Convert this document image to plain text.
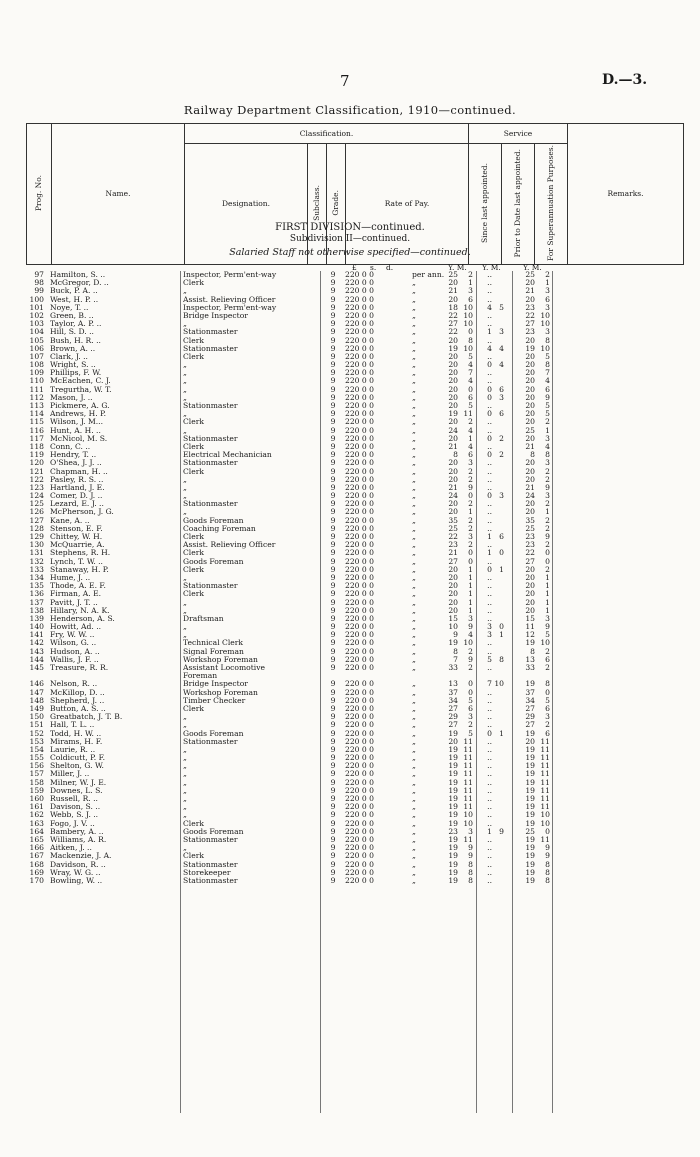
7	D.—3.
Railway Department Classification, 1910—continued.
Prog. No.	Name.	Classification.				Service			Remarks.
		Designation.	Subclass.	Grade.	Rate of Pay.	Since last appointed.	Prior to Date last appointed.	For Superannuation Purposes.	
FIRST DIVISION—continued.
Subdivision II—continued.
Salaried Staff not otherwise specified—continued.
£ s. d.	Y. M. Y. M.	Y. M.
97 Hamilton, S. ..	Inspector, Perm'ent-way	9 220 0 0	per ann. 25	2	..	25	2
98 McGregor, D. ..	Clerk	9 220 0 0	„	20	1	..	20	1
99 Buck, P. A. ..	„	9 220 0 0	„	21	3	..	21	3
100 West, H. P. ..	Assist. Relieving Officer	9 220 0 0	„	20	6	..	20	6
101 Noye, T. ..	Inspector, Perm'ent-way	9 220 0 0	„	18 10	4 5	23	3
102 Green, B. ..	Bridge Inspector	9 220 0 0	„	22 10	..	22 10
103 Taylor, A. P. ..	„	9 220 0 0	„	27 10	..	27 10
104 Hill, S. D. ..	Stationmaster	9 220 0 0	„	22	0	1 3	23	3
105 Bush, H. R. ..	Clerk	9 220 0 0	„	20	8	..	20	8
106 Brown, A. ..	Stationmaster	9 220 0 0	„	19 10	4 4	19 10
107 Clark, J. ..	Clerk	9 220 0 0	„	20	5	..	20	5
108 Wright, S. ..	„	9 220 0 0	„	20	4	0 4	20	8
109 Phillips, F. W.	„	9 220 0 0	„	20	7	..	20	7
110 McEachen, C. J.	„	9 220 0 0	„	20	4	..	20	4
111 Tregurtha, W. T.	„	9 220 0 0	„	20	0	0 6	20	6
112 Mason, J. ..	„	9 220 0 0	„	20	6	0 3	20	9
113 Pickmere, A. G.	Stationmaster	9 220 0 0	„	20	5	..	20	5
114 Andrews, H. P.	„	9 220 0 0	„	19 11	0 6	20	5
115 Wilson, J. M...	Clerk	9 220 0 0	„	20	2	..	20	2
116 Hunt, A. H. ..	„	9 220 0 0	„	24	4	..	25	1
117 McNicol, M. S.	Stationmaster	9 220 0 0	„	20	1	0 2	20	3
118 Conn, C. ..	Clerk	9 220 0 0	„	21	4	..	21	4
119 Hendry, T. ..	Electrical Mechanician	9 220 0 0	„	8	6	0 2	8	8
120 O'Shea, J. J. ..	Stationmaster	9 220 0 0	„	20	3	..	20	3
121 Chapman, H. ..	Clerk	9 220 0 0	„	20	2	..	20	2
122 Pasley, R. S. ..	„	9 220 0 0	„	20	2	..	20	2
123 Hartland, J. E.	„	9 220 0 0	„	21	9	..	21	9
124 Comer, D. J. ..	„	9 220 0 0	„	24	0	0 3	24	3
125 Lezard, E. J. ..	Stationmaster	9 220 0 0	„	20	2	..	20	2
126 McPherson, J. G.	„	9 220 0 0	„	20	1	..	20	1
127 Kane, A. ..	Goods Foreman	9 220 0 0	„	35	2	..	35	2
128 Stenson, E. F.	Coaching Foreman	9 220 0 0	„	25	2	..	25	2
129 Chittey, W. H.	Clerk	9 220 0 0	„	22	3	1 6	23	9
130 McQuarrie, A.	Assist. Relieving Officer	9 220 0 0	„	23	2	..	23	2
131 Stephens, R. H.	Clerk	9 220 0 0	„	21	0	1 0	22	0
132 Lynch, T. W. ..	Goods Foreman	9 220 0 0	„	27	0	..	27	0
133 Stanaway, H. P.	Clerk	9 220 0 0	„	20	1	0 1	20	2
134 Hume, J. ..	„	9 220 0 0	„	20	1	..	20	1
135 Thode, A. E. F.	Stationmaster	9 220 0 0	„	20	1	..	20	1
136 Firman, A. E.	Clerk	9 220 0 0	„	20	1	..	20	1
137 Pavitt, J. T. ..	„	9 220 0 0	„	20	1	..	20	1
138 Hillary, N. A. K.	„	9 220 0 0	„	20	1	..	20	1
139 Henderson, A. S.	Draftsman	9 220 0 0	„	15	3	..	15	3
140 Howitt, Ad. ..	„	9 220 0 0	„	10	9	3 0	11	9
141 Fry, W. W. ..	„	9 220 0 0	„	9	4	3 1	12	5
142 Wilson, G. ..	Technical Clerk	9 220 0 0	„	19 10	..	19 10
143 Hudson, A. ..	Signal Foreman	9 220 0 0	„	8	2	..	8	2
144 Wallis, J. F. ..	Workshop Foreman	9 220 0 0	„	7	9	5 8	13	6
145 Treasure, R. R.	Assistant Locomotive	9 220 0 0	„	33	2	..	33	2
Foreman
146 Nelson, R. ..	Bridge Inspector	9 220 0 0	„	13	0	7 10	19	8
147 McKillop, D. ..	Workshop Foreman	9 220 0 0	„	37	0	..	37	0
148 Shepherd, J. ..	Timber Checker	9 220 0 0	„	34	5	..	34	5
149 Button, A. S. ..	Clerk	9 220 0 0	„	27	6	..	27	6
150 Greatbatch, J. T. B.	„	9 220 0 0	„	29	3	..	29	3
151 Hall, T. L. ..	„	9 220 0 0	„	27	2	..	27	2
152 Todd, H. W. ..	Goods Foreman	9 220 0 0	„	19	5	0 1	19	6
153 Mirams, H. F.	Stationmaster	9 220 0 0	„	20 11	..	20 11
154 Laurie, R. ..	„	9 220 0 0	„	19 11	..	19 11
155 Coldicutt, P. F.	„	9 220 0 0	„	19 11	..	19 11
156 Shelton, G. W.	„	9 220 0 0	„	19 11	..	19 11
157 Miller, J. ..	„	9 220 0 0	„	19 11	..	19 11
158 Milner, W. J. E.	„	9 220 0 0	„	19 11	..	19 11
159 Downes, L. S.	„	9 220 0 0	„	19 11	..	19 11
160 Russell, R. ..	„	9 220 0 0	„	19 11	..	19 11
161 Davison, S. ..	„	9 220 0 0	„	19 11	..	19 11
162 Webb, S. J. ..	„	9 220 0 0	„	19 10	..	19 10
163 Fogo, J. V. ..	Clerk	9 220 0 0	„	19 10	..	19 10
164 Bambery, A. ..	Goods Foreman	9 220 0 0	„	23	3	1 9	25	0
165 Williams, A. R.	Stationmaster	9 220 0 0	„	19 11	..	19 11
166 Aitken, J. ..	„	9 220 0 0	„	19	9	..	19	9
167 Mackenzie, J. A.	Clerk	9 220 0 0	„	19	9	..	19	9
168 Davidson, R. ..	Stationmaster	9 220 0 0	„	19	8	..	19	8
169 Wray, W. G. ..	Storekeeper	9 220 0 0	„	19	8	..	19	8
170 Bowling, W. ..	Stationmaster	9 220 0 0	„	19	8	..	19	8
